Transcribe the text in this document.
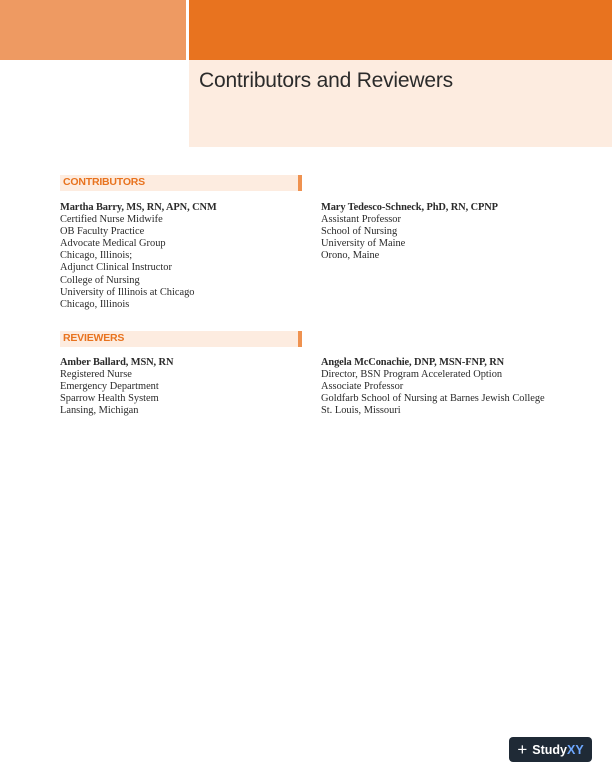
Contributors and Reviewers
CONTRIBUTORS
Martha Barry, MS, RN, APN, CNM
Certified Nurse Midwife
OB Faculty Practice
Advocate Medical Group
Chicago, Illinois;
Adjunct Clinical Instructor
College of Nursing
University of Illinois at Chicago
Chicago, Illinois
Mary Tedesco-Schneck, PhD, RN, CPNP
Assistant Professor
School of Nursing
University of Maine
Orono, Maine
REVIEWERS
Amber Ballard, MSN, RN
Registered Nurse
Emergency Department
Sparrow Health System
Lansing, Michigan
Angela McConachie, DNP, MSN-FNP, RN
Director, BSN Program Accelerated Option
Associate Professor
Goldfarb School of Nursing at Barnes Jewish College
St. Louis, Missouri
+ Study XY
